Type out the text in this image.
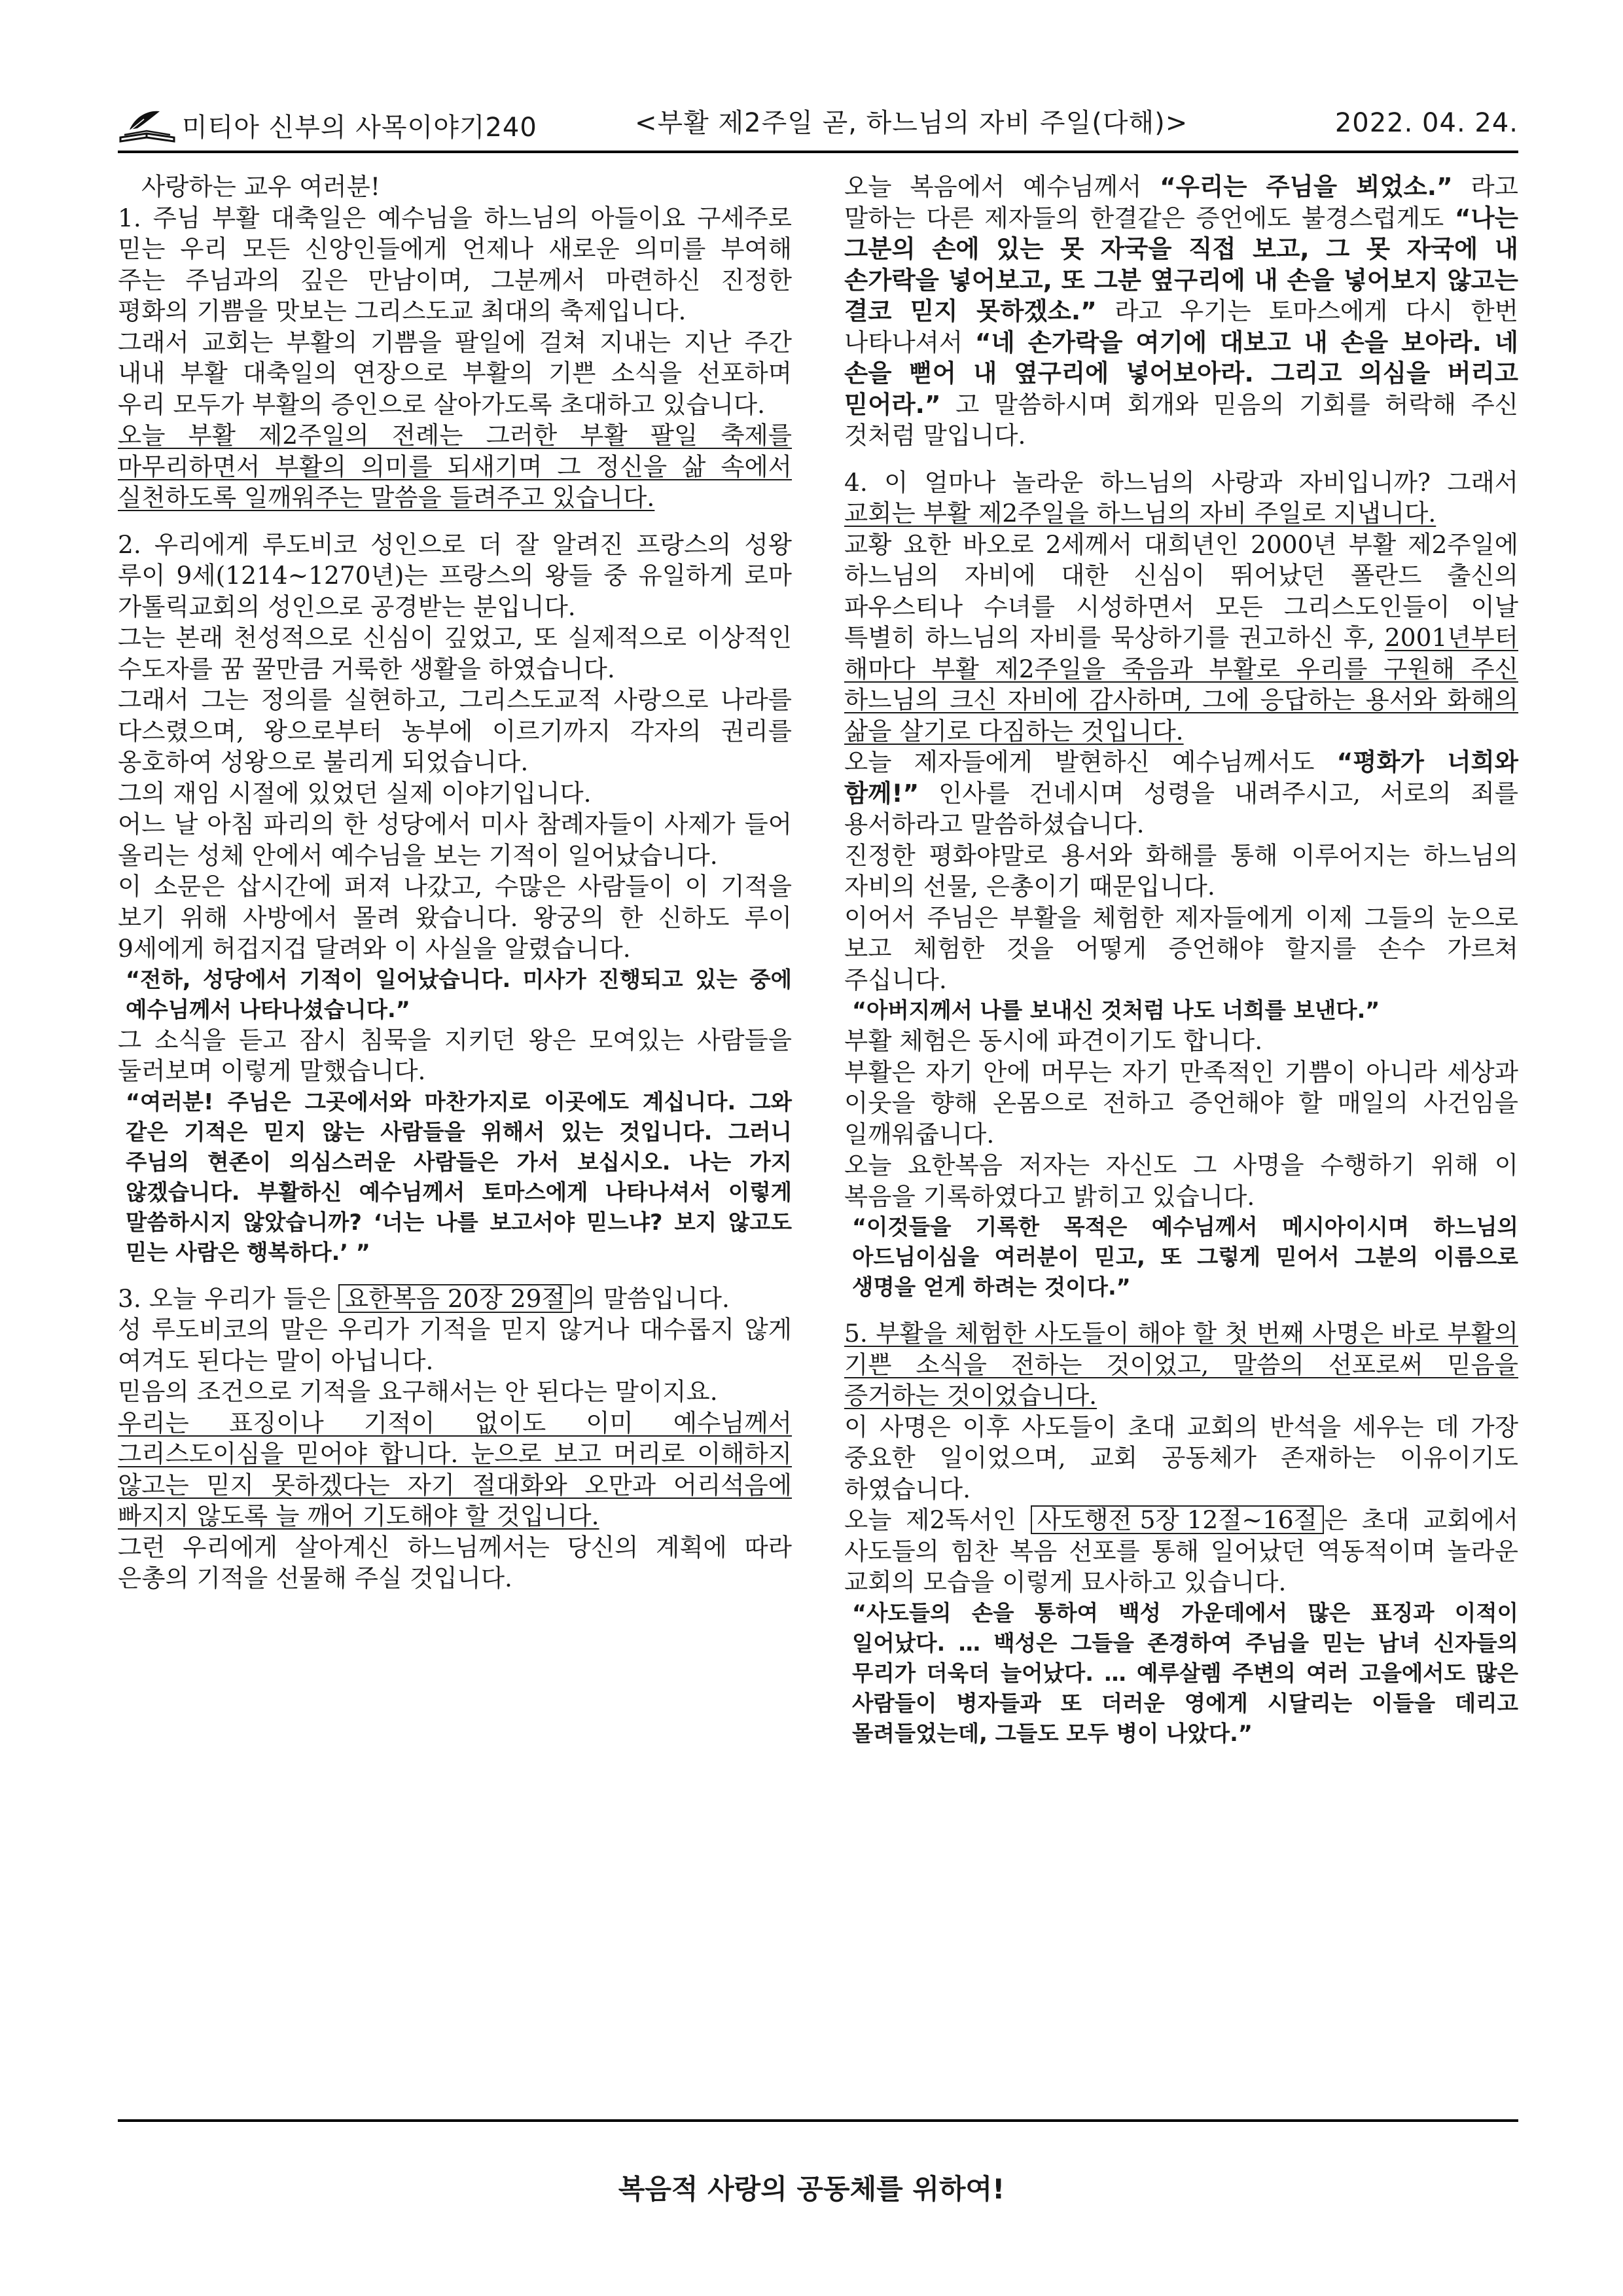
미티아 신부의 사목이야기240	<부활 제2주일 곧, 하느님의 자비 주일(다해)>	2022. 04. 24.

사랑하는 교우 여러분!

1. 주님 부활 대축일은 예수님을 하느님의 아들이요 구세주로 믿는 우리 모든 신앙인들에게 언제나 새로운 의미를 부여해 주는 주님과의 깊은 만남이며, 그분께서 마련하신 진정한 평화의 기쁨을 맛보는 그리스도교 최대의 축제입니다.

그래서 교회는 부활의 기쁨을 팔일에 걸쳐 지내는 지난 주간 내내 부활 대축일의 연장으로 부활의 기쁜 소식을 선포하며 우리 모두가 부활의 증인으로 살아가도록 초대하고 있습니다.

오늘 부활 제2주일의 전례는 그러한 부활 팔일 축제를 마무리하면서 부활의 의미를 되새기며 그 정신을 삶 속에서 실천하도록 일깨워주는 말씀을 들려주고 있습니다.

2. 우리에게 루도비코 성인으로 더 잘 알려진 프랑스의 성왕 루이 9세(1214~1270년)는 프랑스의 왕들 중 유일하게 로마 가톨릭교회의 성인으로 공경받는 분입니다.

그는 본래 천성적으로 신심이 깊었고, 또 실제적으로 이상적인 수도자를 꿈 꿀만큼 거룩한 생활을 하였습니다.

그래서 그는 정의를 실현하고, 그리스도교적 사랑으로 나라를 다스렸으며, 왕으로부터 농부에 이르기까지 각자의 권리를 옹호하여 성왕으로 불리게 되었습니다.

그의 재임 시절에 있었던 실제 이야기입니다.

어느 날 아침 파리의 한 성당에서 미사 참례자들이 사제가 들어 올리는 성체 안에서 예수님을 보는 기적이 일어났습니다.

이 소문은 삽시간에 퍼져 나갔고, 수많은 사람들이 이 기적을 보기 위해 사방에서 몰려 왔습니다. 왕궁의 한 신하도 루이 9세에게 허겁지겁 달려와 이 사실을 알렸습니다.

“전하, 성당에서 기적이 일어났습니다. 미사가 진행되고 있는 중에 예수님께서 나타나셨습니다.”

그 소식을 듣고 잠시 침묵을 지키던 왕은 모여있는 사람들을 둘러보며 이렇게 말했습니다.

“여러분! 주님은 그곳에서와 마찬가지로 이곳에도 계십니다. 그와 같은 기적은 믿지 않는 사람들을 위해서 있는 것입니다. 그러니 주님의 현존이 의심스러운 사람들은 가서 보십시오. 나는 가지 않겠습니다. 부활하신 예수님께서 토마스에게 나타나셔서 이렇게 말씀하시지 않았습니까? ‘너는 나를 보고서야 믿느냐? 보지 않고도 믿는 사람은 행복하다.’ ”

3. 오늘 우리가 들은 요한복음 20장 29절 의 말씀입니다.

성 루도비코의 말은 우리가 기적을 믿지 않거나 대수롭지 않게 여겨도 된다는 말이 아닙니다.

믿음의 조건으로 기적을 요구해서는 안 된다는 말이지요.

우리는 표징이나 기적이 없이도 이미 예수님께서 그리스도이심을 믿어야 합니다. 눈으로 보고 머리로 이해하지 않고는 믿지 못하겠다는 자기 절대화와 오만과 어리석음에 빠지지 않도록 늘 깨어 기도해야 할 것입니다.

그런 우리에게 살아계신 하느님께서는 당신의 계획에 따라 은총의 기적을 선물해 주실 것입니다.

오늘 복음에서 예수님께서 “우리는 주님을 뵈었소.” 라고 말하는 다른 제자들의 한결같은 증언에도 불경스럽게도 “나는 그분의 손에 있는 못 자국을 직접 보고, 그 못 자국에 내 손가락을 넣어보고, 또 그분 옆구리에 내 손을 넣어보지 않고는 결코 믿지 못하겠소.” 라고 우기는 토마스에게 다시 한번 나타나셔서 “네 손가락을 여기에 대보고 내 손을 보아라. 네 손을 뻗어 내 옆구리에 넣어보아라. 그리고 의심을 버리고 믿어라.” 고 말씀하시며 회개와 믿음의 기회를 허락해 주신 것처럼 말입니다.

4. 이 얼마나 놀라운 하느님의 사랑과 자비입니까? 그래서 교회는 부활 제2주일을 하느님의 자비 주일로 지냅니다.

교황 요한 바오로 2세께서 대희년인 2000년 부활 제2주일에 하느님의 자비에 대한 신심이 뛰어났던 폴란드 출신의 파우스티나 수녀를 시성하면서 모든 그리스도인들이 이날 특별히 하느님의 자비를 묵상하기를 권고하신 후, 2001년부터 해마다 부활 제2주일을 죽음과 부활로 우리를 구원해 주신 하느님의 크신 자비에 감사하며, 그에 응답하는 용서와 화해의 삶을 살기로 다짐하는 것입니다.

오늘 제자들에게 발현하신 예수님께서도 “평화가 너희와 함께!” 인사를 건네시며 성령을 내려주시고, 서로의 죄를 용서하라고 말씀하셨습니다.

진정한 평화야말로 용서와 화해를 통해 이루어지는 하느님의 자비의 선물, 은총이기 때문입니다.

이어서 주님은 부활을 체험한 제자들에게 이제 그들의 눈으로 보고 체험한 것을 어떻게 증언해야 할지를 손수 가르쳐 주십니다.

“아버지께서 나를 보내신 것처럼 나도 너희를 보낸다.”

부활 체험은 동시에 파견이기도 합니다.

부활은 자기 안에 머무는 자기 만족적인 기쁨이 아니라 세상과 이웃을 향해 온몸으로 전하고 증언해야 할 매일의 사건임을 일깨워줍니다.

오늘 요한복음 저자는 자신도 그 사명을 수행하기 위해 이 복음을 기록하였다고 밝히고 있습니다.

“이것들을 기록한 목적은 예수님께서 메시아이시며 하느님의 아드님이심을 여러분이 믿고, 또 그렇게 믿어서 그분의 이름으로 생명을 얻게 하려는 것이다.”

5. 부활을 체험한 사도들이 해야 할 첫 번째 사명은 바로 부활의 기쁜 소식을 전하는 것이었고, 말씀의 선포로써 믿음을 증거하는 것이었습니다.

이 사명은 이후 사도들이 초대 교회의 반석을 세우는 데 가장 중요한 일이었으며, 교회 공동체가 존재하는 이유이기도 하였습니다.

오늘 제2독서인 사도행전 5장 12절~16절 은 초대 교회에서 사도들의 힘찬 복음 선포를 통해 일어났던 역동적이며 놀라운 교회의 모습을 이렇게 묘사하고 있습니다.

“사도들의 손을 통하여 백성 가운데에서 많은 표징과 이적이 일어났다. … 백성은 그들을 존경하여 주님을 믿는 남녀 신자들의 무리가 더욱더 늘어났다. … 예루살렘 주변의 여러 고을에서도 많은 사람들이 병자들과 또 더러운 영에게 시달리는 이들을 데리고 몰려들었는데, 그들도 모두 병이 나았다.”

복음적 사랑의 공동체를 위하여!
